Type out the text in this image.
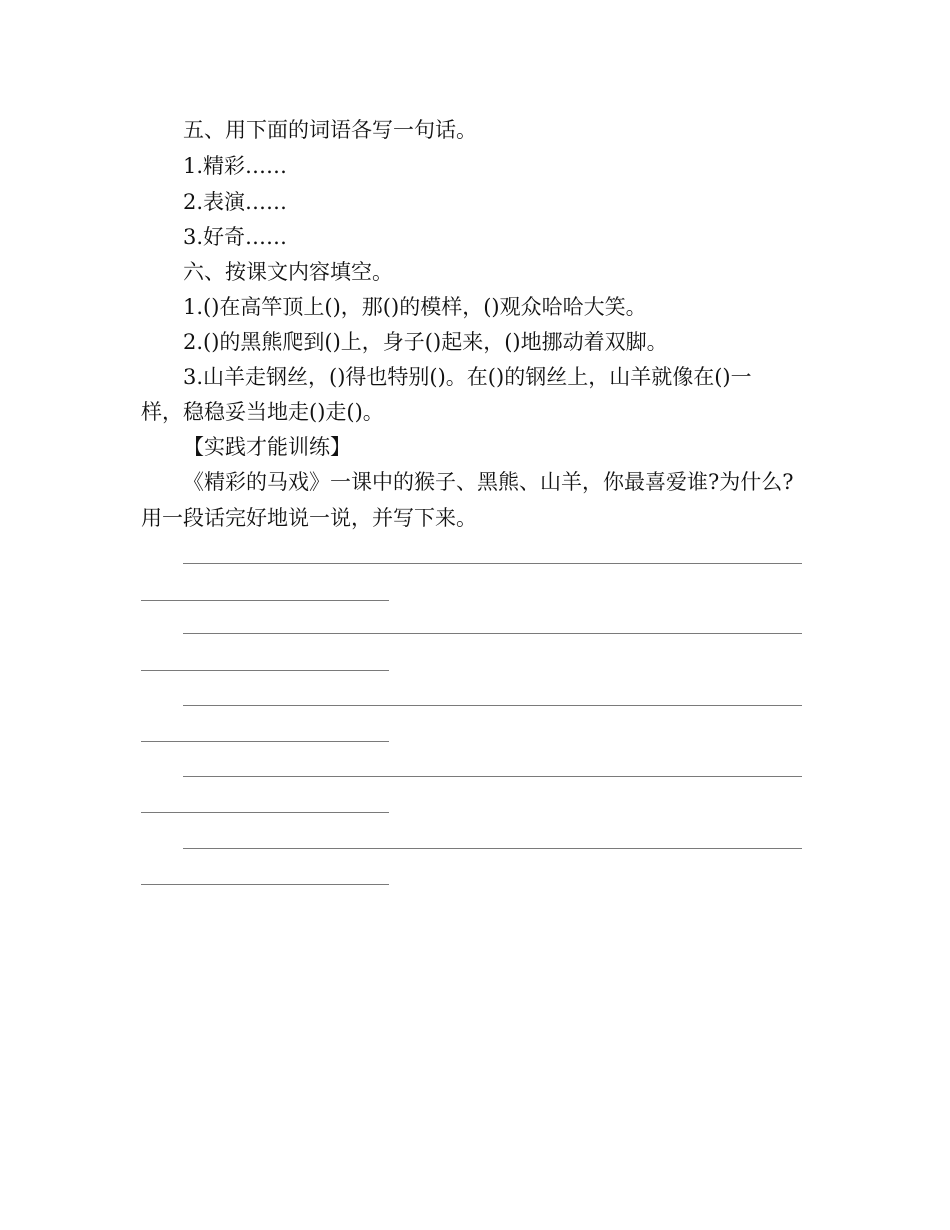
五、用下面的词语各写一句话。
1.精彩……
2.表演……
3.好奇……
六、按课文内容填空。
1.()在高竿顶上()，那()的模样，()观众哈哈大笑。
2.()的黑熊爬到()上，身子()起来，()地挪动着双脚。
3.山羊走钢丝，()得也特别()。在()的钢丝上，山羊就像在()一
样，稳稳妥当地走()走()。
【实践才能训练】
《精彩的马戏》一课中的猴子、黑熊、山羊，你最喜爱谁?为什么?
用一段话完好地说一说，并写下来。
